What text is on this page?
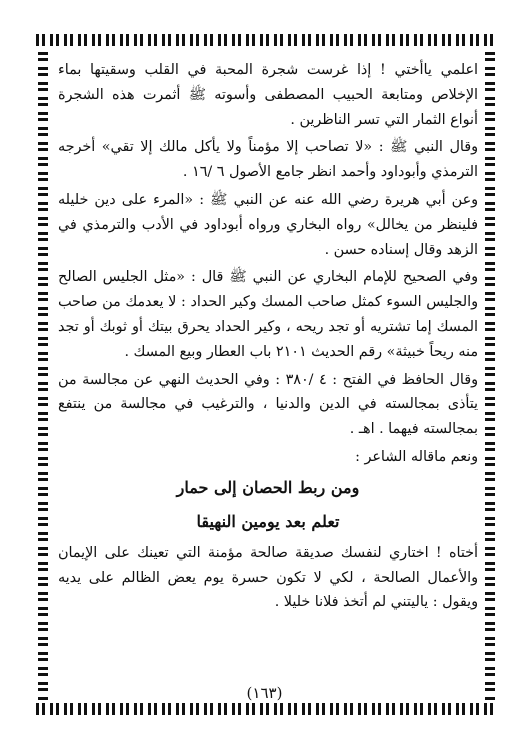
اعلمي ياأختي ! إذا غرست شجرة المحبة في القلب وسقيتها بماء الإخلاص ومتابعة الحبيب المصطفى وأسوته ﷺ أثمرت هذه الشجرة أنواع الثمار التي تسر الناظرين .

وقال النبي ﷺ : «لا تصاحب إلا مؤمناً ولا يأكل مالك إلا تقي» أخرجه الترمذي وأبوداود وأحمد انظر جامع الأصول ٦ /١٦ .

وعن أبي هريرة رضي الله عنه عن النبي ﷺ : «المرء على دين خليله فلينظر من يخالل» رواه البخاري ورواه أبوداود في الأدب والترمذي في الزهد وقال إسناده حسن .

وفي الصحيح للإمام البخاري عن النبي ﷺ قال : «مثل الجليس الصالح والجليس السوء كمثل صاحب المسك وكير الحداد : لا يعدمك من صاحب المسك إما تشتريه أو تجد ريحه ، وكير الحداد يحرق بيتك أو ثوبك أو تجد منه ريحاً خبيثة» رقم الحديث ٢١٠١ باب العطار وبيع المسك .

وقال الحافظ في الفتح : ٤ /٣٨٠ : وفي الحديث النهي عن مجالسة من يتأذى بمجالسته في الدين والدنيا ، والترغيب في مجالسة من ينتفع بمجالسته فيهما . اهـ .

ونعم ماقاله الشاعر :

ومن ربط الحصان إلى حمار
تعلم بعد يومين النهيقا

أختاه ! اختاري لنفسك صديقة صالحة مؤمنة التي تعينك على الإيمان والأعمال الصالحة ، لكي لا تكون حسرة يوم يعض الظالم على يديه ويقول : ياليتني لم أتخذ فلانا خليلا .

(١٦٣)
